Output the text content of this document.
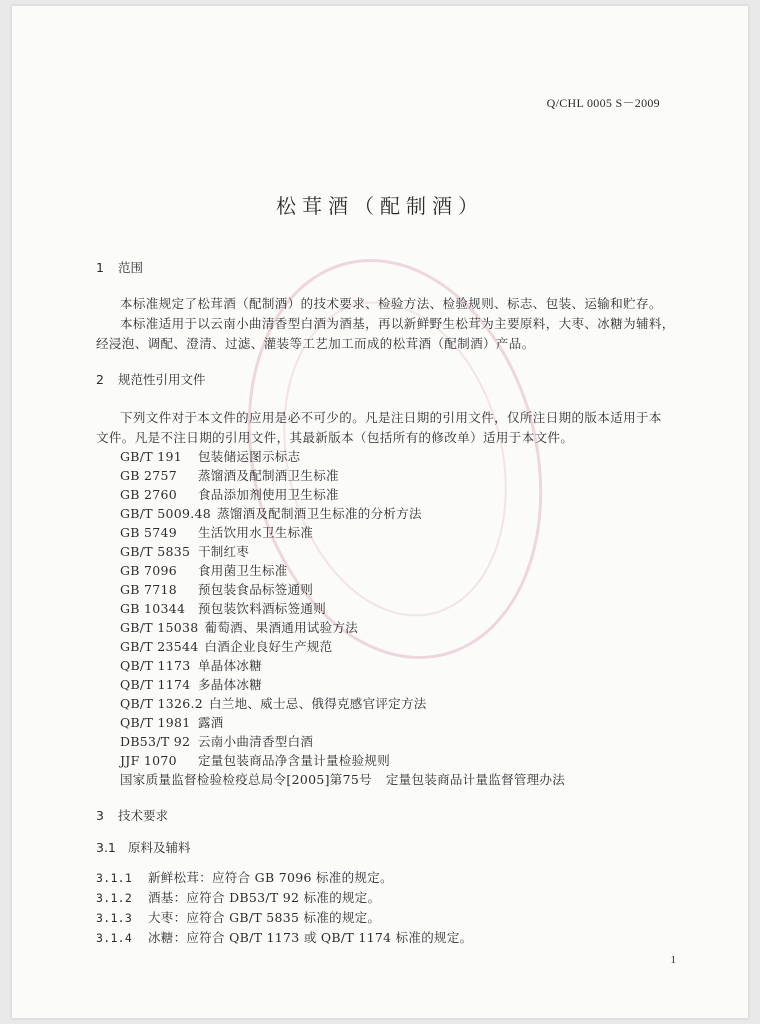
Q/CHL 0005 S－2009
松茸酒（配制酒）
1 范围
本标准规定了松茸酒（配制酒）的技术要求、检验方法、检验规则、标志、包装、运输和贮存。
本标准适用于以云南小曲清香型白酒为酒基，再以新鲜野生松茸为主要原料，大枣、冰糖为辅料，
经浸泡、调配、澄清、过滤、灌装等工艺加工而成的松茸酒（配制酒）产品。
2 规范性引用文件
下列文件对于本文件的应用是必不可少的。凡是注日期的引用文件，仅所注日期的版本适用于本
文件。凡是不注日期的引用文件，其最新版本（包括所有的修改单）适用于本文件。
GB/T 191 包装储运图示标志
GB 2757 蒸馏酒及配制酒卫生标准
GB 2760 食品添加剂使用卫生标准
GB/T 5009.48 蒸馏酒及配制酒卫生标准的分析方法
GB 5749 生活饮用水卫生标准
GB/T 5835 干制红枣
GB 7096 食用菌卫生标准
GB 7718 预包装食品标签通则
GB 10344 预包装饮料酒标签通则
GB/T 15038 葡萄酒、果酒通用试验方法
GB/T 23544 白酒企业良好生产规范
QB/T 1173 单晶体冰糖
QB/T 1174 多晶体冰糖
QB/T 1326.2 白兰地、威士忌、俄得克感官评定方法
QB/T 1981 露酒
DB53/T 92 云南小曲清香型白酒
JJF 1070 定量包装商品净含量计量检验规则
国家质量监督检验检疫总局令[2005]第75号 定量包装商品计量监督管理办法
3 技术要求
3.1 原料及辅料
3.1.1 新鲜松茸：应符合 GB 7096 标准的规定。
3.1.2 酒基：应符合 DB53/T 92 标准的规定。
3.1.3 大枣：应符合 GB/T 5835 标准的规定。
3.1.4 冰糖：应符合 QB/T 1173 或 QB/T 1174 标准的规定。
1
